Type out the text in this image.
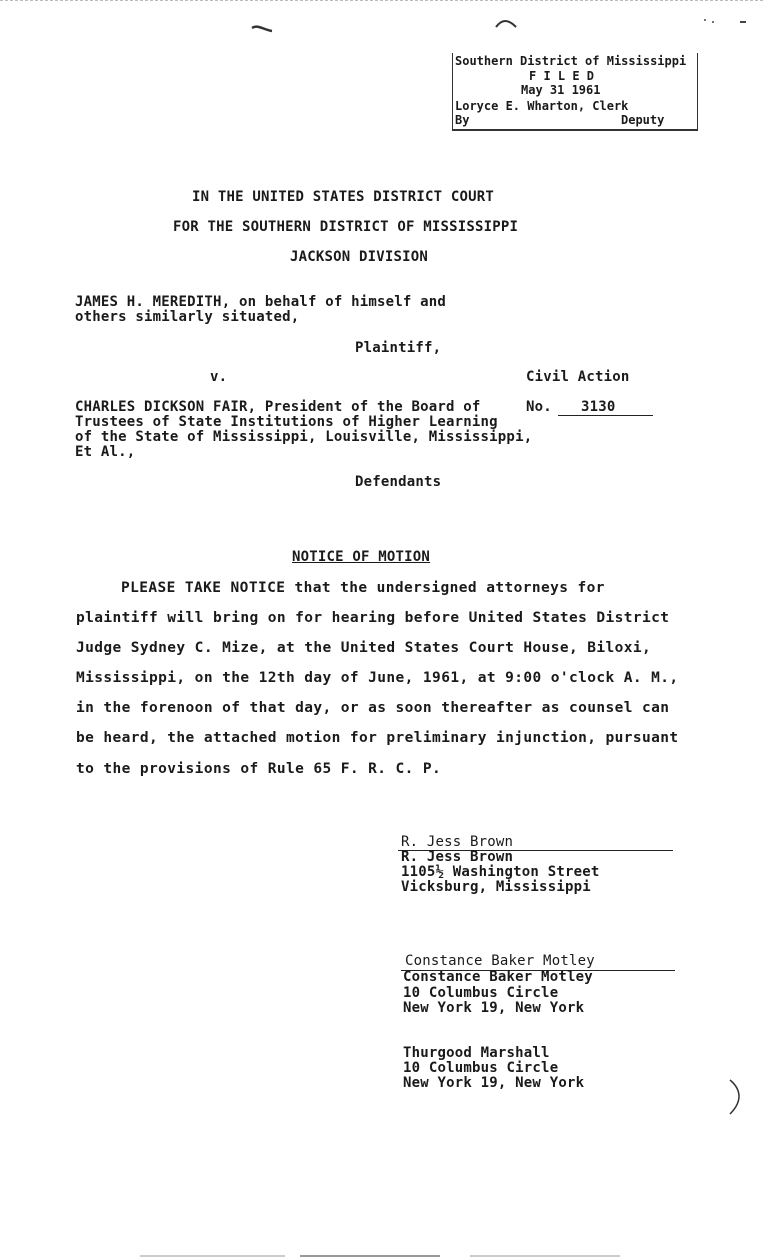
Southern District of Mississippi
F I L E D
May 31 1961
Loryce E. Wharton, Clerk
By	Deputy
IN THE UNITED STATES DISTRICT COURT
FOR THE SOUTHERN DISTRICT OF MISSISSIPPI
JACKSON DIVISION
JAMES H. MEREDITH, on behalf of himself and
others similarly situated,
Plaintiff,
v.	Civil Action
CHARLES DICKSON FAIR, President of the Board of	No. 3130
Trustees of State Institutions of Higher Learning
of the State of Mississippi, Louisville, Mississippi,
Et Al.,
Defendants
NOTICE OF MOTION
PLEASE TAKE NOTICE that the undersigned attorneys for
plaintiff will bring on for hearing before United States District
Judge Sydney C. Mize, at the United States Court House, Biloxi,
Mississippi, on the 12th day of June, 1961, at 9:00 o'clock A. M.,
in the forenoon of that day, or as soon thereafter as counsel can
be heard, the attached motion for preliminary injunction, pursuant
to the provisions of Rule 65 F. R. C. P.
R. Jess Brown
R. Jess Brown
1105½ Washington Street
Vicksburg, Mississippi
Constance Baker Motley
Constance Baker Motley
10 Columbus Circle
New York 19, New York
Thurgood Marshall
10 Columbus Circle
New York 19, New York
